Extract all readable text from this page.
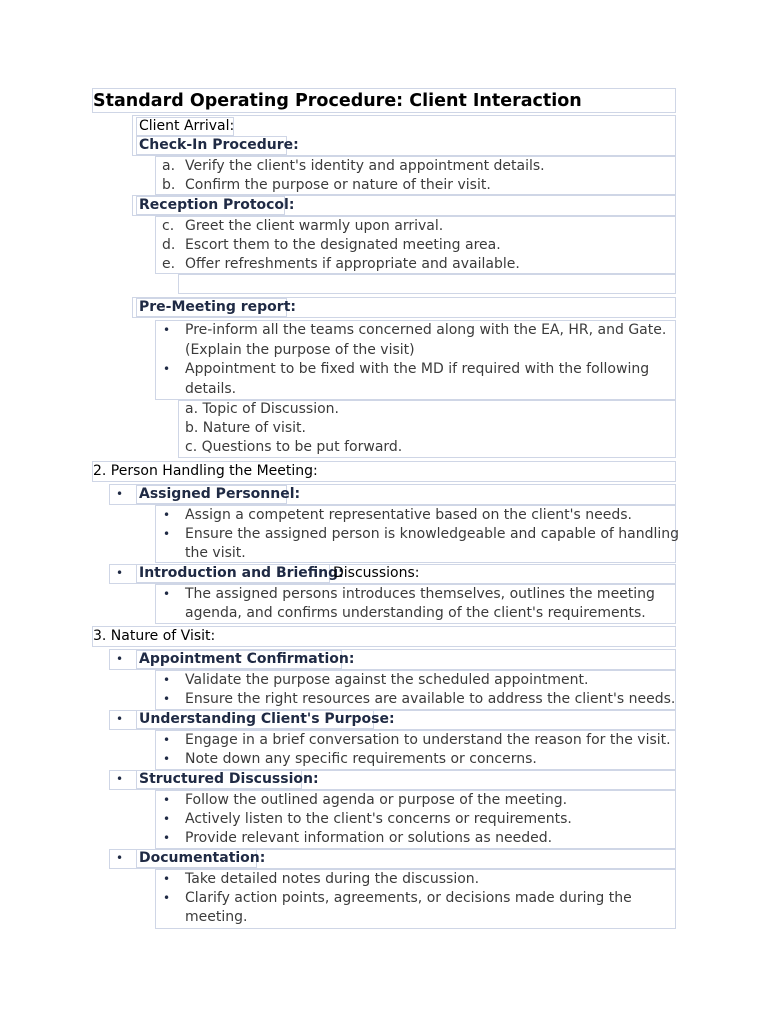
Standard Operating Procedure: Client Interaction
Client Arrival:
Check-In Procedure:
a. Verify the client's identity and appointment details.
b. Confirm the purpose or nature of their visit.
Reception Protocol:
c. Greet the client warmly upon arrival.
d. Escort them to the designated meeting area.
e. Offer refreshments if appropriate and available.
Pre-Meeting report:
• Pre-inform all the teams concerned along with the EA, HR, and Gate.
(Explain the purpose of the visit)
• Appointment to be fixed with the MD if required with the following
details.
a. Topic of Discussion.
b. Nature of visit.
c. Questions to be put forward.
2. Person Handling the Meeting:
• Assigned Personnel:
• Assign a competent representative based on the client's needs.
• Ensure the assigned person is knowledgeable and capable of handling
the visit.
• Introduction and Briefing:
Discussions:
• The assigned persons introduces themselves, outlines the meeting
agenda, and confirms understanding of the client's requirements.
3. Nature of Visit:
• Appointment Confirmation:
• Validate the purpose against the scheduled appointment.
• Ensure the right resources are available to address the client's needs.
• Understanding Client's Purpose:
• Engage in a brief conversation to understand the reason for the visit.
• Note down any specific requirements or concerns.
• Structured Discussion:
• Follow the outlined agenda or purpose of the meeting.
• Actively listen to the client's concerns or requirements.
• Provide relevant information or solutions as needed.
• Documentation:
• Take detailed notes during the discussion.
• Clarify action points, agreements, or decisions made during the
meeting.
